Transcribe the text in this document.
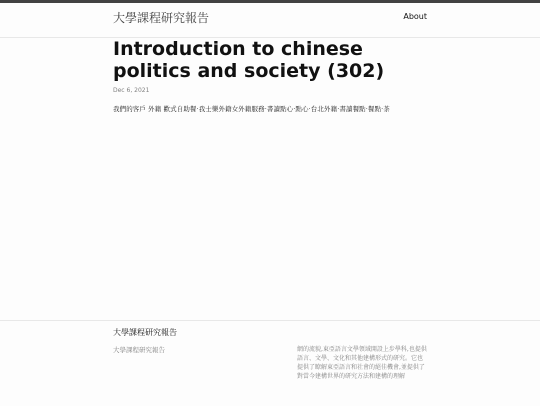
大學課程研究報告	About
Introduction to chinese politics and society (302)
Dec 6, 2021
我們的客戶 外籍 歡式自助餐·我士樂外籍女外籍服務·書讀點心·點心·台北外籍·書讀餐點·餐點·茶
大學課程研究報告
大學課程研究報告	網的流貌,東亞語言文學領域開設上步學科,也提供語言、文學、文化和其他建構形式的研究。它也提供了瞭解東亞語言和社會的絕佳機會,並提供了對當今建構世界的研究方法和建構的理解
